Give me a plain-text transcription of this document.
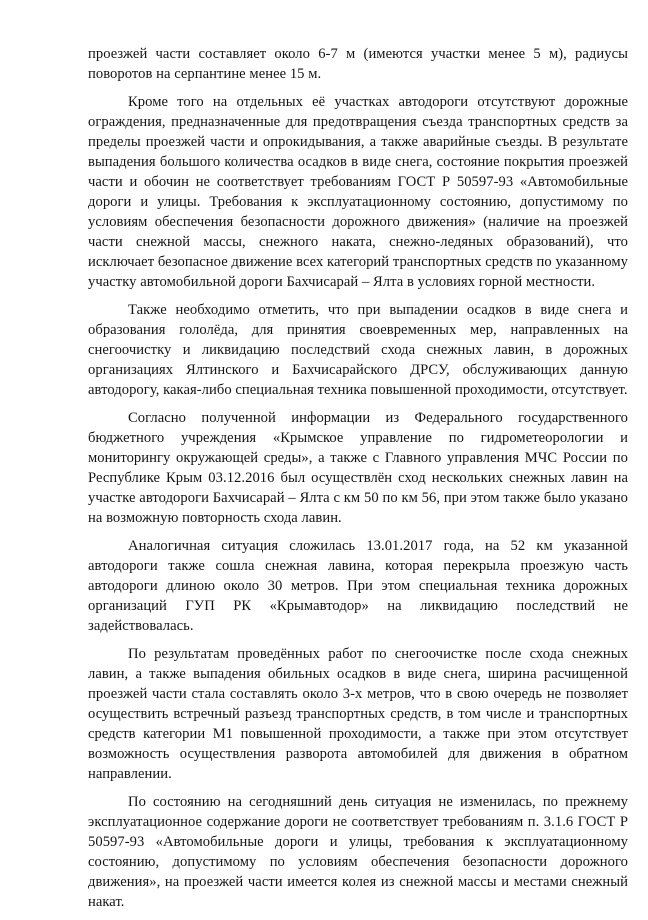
проезжей части составляет около 6-7 м (имеются участки менее 5 м), радиусы поворотов на серпантине менее 15 м.

Кроме того на отдельных её участках автодороги отсутствуют дорожные ограждения, предназначенные для предотвращения съезда транспортных средств за пределы проезжей части и опрокидывания, а также аварийные съезды. В результате выпадения большого количества осадков в виде снега, состояние покрытия проезжей части и обочин не соответствует требованиям ГОСТ Р 50597-93 «Автомобильные дороги и улицы. Требования к эксплуатационному состоянию, допустимому по условиям обеспечения безопасности дорожного движения» (наличие на проезжей части снежной массы, снежного наката, снежно-ледяных образований), что исключает безопасное движение всех категорий транспортных средств по указанному участку автомобильной дороги Бахчисарай – Ялта в условиях горной местности.

Также необходимо отметить, что при выпадении осадков в виде снега и образования гололёда, для принятия своевременных мер, направленных на снегоочистку и ликвидацию последствий схода снежных лавин, в дорожных организациях Ялтинского и Бахчисарайского ДРСУ, обслуживающих данную автодорогу, какая-либо специальная техника повышенной проходимости, отсутствует.

Согласно полученной информации из Федерального государственного бюджетного учреждения «Крымское управление по гидрометеорологии и мониторингу окружающей среды», а также с Главного управления МЧС России по Республике Крым 03.12.2016 был осуществлён сход нескольких снежных лавин на участке автодороги Бахчисарай – Ялта с км 50 по км 56, при этом также было указано на возможную повторность схода лавин.

Аналогичная ситуация сложилась 13.01.2017 года, на 52 км указанной автодороги также сошла снежная лавина, которая перекрыла проезжую часть автодороги длиною около 30 метров. При этом специальная техника дорожных организаций ГУП РК «Крымавтодор» на ликвидацию последствий не задействовалась.

По результатам проведённых работ по снегоочистке после схода снежных лавин, а также выпадения обильных осадков в виде снега, ширина расчищенной проезжей части стала составлять около 3-х метров, что в свою очередь не позволяет осуществить встречный разъезд транспортных средств, в том числе и транспортных средств категории М1 повышенной проходимости, а также при этом отсутствует возможность осуществления разворота автомобилей для движения в обратном направлении.

По состоянию на сегодняшний день ситуация не изменилась, по прежнему эксплуатационное содержание дороги не соответствует требованиям п. 3.1.6 ГОСТ Р 50597-93 «Автомобильные дороги и улицы, требования к эксплуатационному состоянию, допустимому по условиям обеспечения безопасности дорожного движения», на проезжей части имеется колея из снежной массы и местами снежный накат.
